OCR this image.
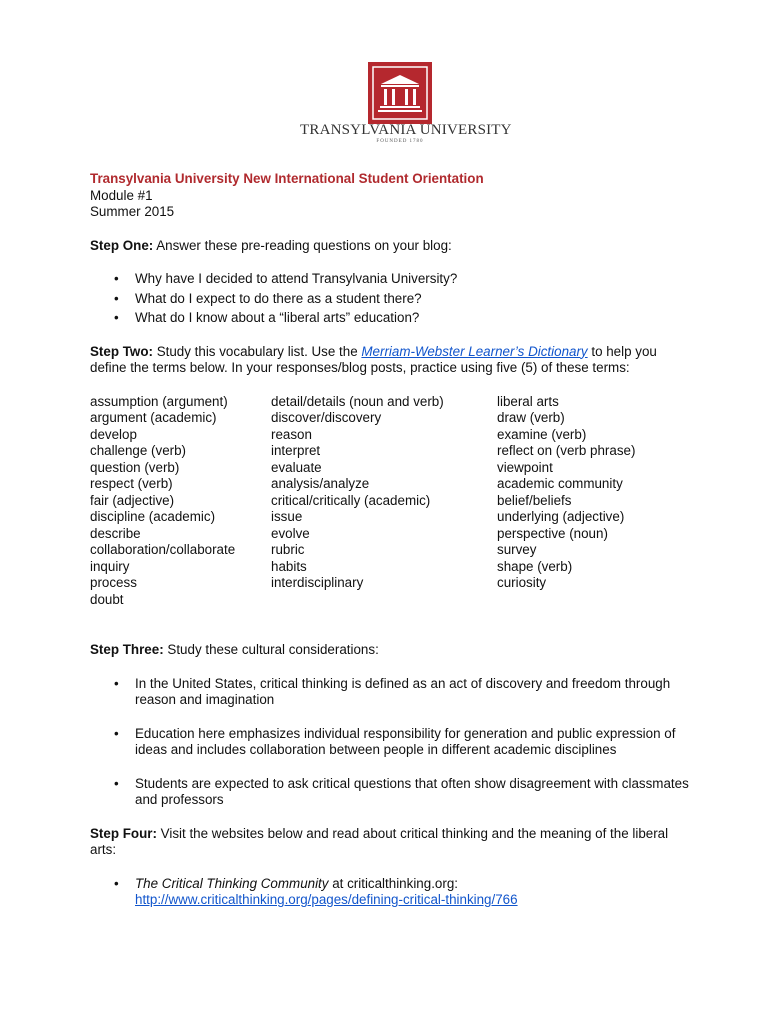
TRANSYLVANIA UNIVERSITY
FOUNDED 1780

Transylvania University New International Student Orientation

Module #1

Summer 2015

Step One: Answer these pre-reading questions on your blog:

• Why have I decided to attend Transylvania University?
• What do I expect to do there as a student there?
• What do I know about a “liberal arts” education?

Step Two: Study this vocabulary list. Use the Merriam-Webster Learner’s Dictionary to help you define the terms below. In your responses/blog posts, practice using five (5) of these terms:

assumption (argument)
argument (academic)
develop
challenge (verb)
question (verb)
respect (verb)
fair (adjective)
discipline (academic)
describe
collaboration/collaborate
inquiry
process
doubt
detail/details (noun and verb)
discover/discovery
reason
interpret
evaluate
analysis/analyze
critical/critically (academic)
issue
evolve
rubric
habits
interdisciplinary
liberal arts
draw (verb)
examine (verb)
reflect on (verb phrase)
viewpoint
academic community
belief/beliefs
underlying (adjective)
perspective (noun)
survey
shape (verb)
curiosity

Step Three: Study these cultural considerations:

• In the United States, critical thinking is defined as an act of discovery and freedom through reason and imagination
• Education here emphasizes individual responsibility for generation and public expression of ideas and includes collaboration between people in different academic disciplines
• Students are expected to ask critical questions that often show disagreement with classmates and professors

Step Four: Visit the websites below and read about critical thinking and the meaning of the liberal arts:

• The Critical Thinking Community at criticalthinking.org:
http://www.criticalthinking.org/pages/defining-critical-thinking/766
